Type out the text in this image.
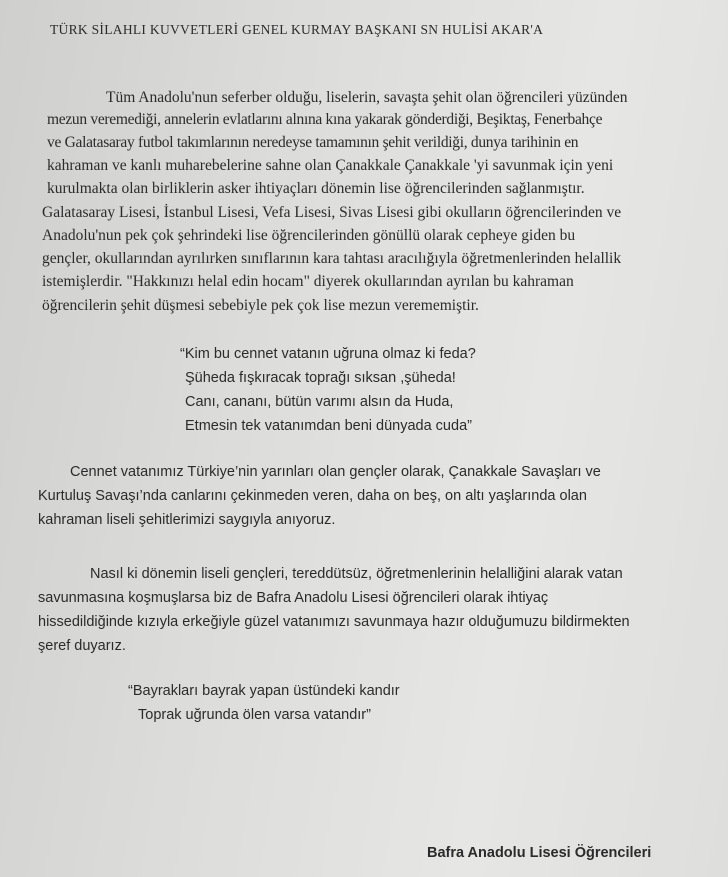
TÜRK SİLAHLI KUVVETLERİ GENEL KURMAY BAŞKANI SN HULİSİ AKAR'A
Tüm Anadolu'nun seferber olduğu, liselerin, savaşta şehit olan öğrencileri yüzünden
mezun veremediği, annelerin evlatlarını alnına kına yakarak gönderdiği, Beşiktaş, Fenerbahçe
ve Galatasaray futbol takımlarının neredeyse tamamının şehit verildiği, dunya tarihinin en
kahraman ve kanlı muharebelerine sahne olan Çanakkale Çanakkale 'yi savunmak için yeni
kurulmakta olan birliklerin asker ihtiyaçları dönemin lise öğrencilerinden sağlanmıştır.
Galatasaray Lisesi, İstanbul Lisesi, Vefa Lisesi, Sivas Lisesi gibi okulların öğrencilerinden ve
Anadolu'nun pek çok şehrindeki lise öğrencilerinden gönüllü olarak cepheye giden bu
gençler, okullarından ayrılırken sınıflarının kara tahtası aracılığıyla öğretmenlerinden helallik
istemişlerdir. "Hakkınızı helal edin hocam" diyerek okullarından ayrılan bu kahraman
öğrencilerin şehit düşmesi sebebiyle pek çok lise mezun verememiştir.
“Kim bu cennet vatanın uğruna olmaz ki feda?
Şüheda fışkıracak toprağı sıksan ,şüheda!
Canı, cananı, bütün varımı alsın da Huda,
Etmesin tek vatanımdan beni dünyada cuda”
Cennet vatanımız Türkiye’nin yarınları olan gençler olarak, Çanakkale Savaşları ve
Kurtuluş Savaşı’nda canlarını çekinmeden veren, daha on beş, on altı yaşlarında olan
kahraman liseli şehitlerimizi saygıyla anıyoruz.
Nasıl ki dönemin liseli gençleri, tereddütsüz, öğretmenlerinin helalliğini alarak vatan
savunmasına koşmuşlarsa biz de Bafra Anadolu Lisesi öğrencileri olarak ihtiyaç
hissedildiğinde kızıyla erkeğiyle güzel vatanımızı savunmaya hazır olduğumuzu bildirmekten
şeref duyarız.
“Bayrakları bayrak yapan üstündeki kandır
Toprak uğrunda ölen varsa vatandır”
Bafra Anadolu Lisesi Öğrencileri
